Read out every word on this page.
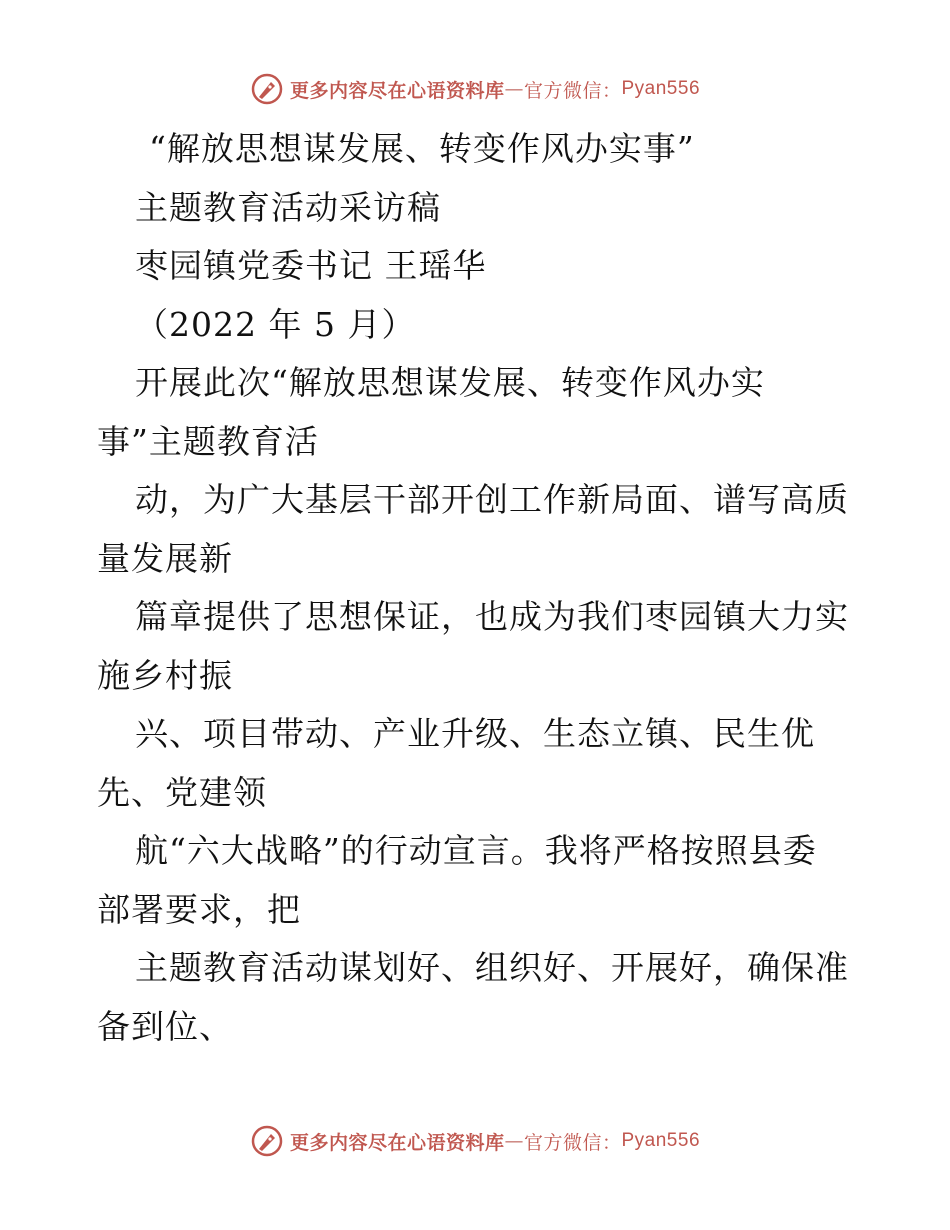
更多内容尽在心语资料库 — 官方微信： Pyan556
“解放思想谋发展、转变作风办实事”
主题教育活动采访稿
枣园镇党委书记 王瑶华
（2022 年 5 月）
开展此次“解放思想谋发展、转变作风办实
事”主题教育活
动，为广大基层干部开创工作新局面、谱写高质
量发展新
篇章提供了思想保证，也成为我们枣园镇大力实
施乡村振
兴、项目带动、产业升级、生态立镇、民生优
先、党建领
航“六大战略”的行动宣言。我将严格按照县委
部署要求，把
主题教育活动谋划好、组织好、开展好，确保准
备到位、
更多内容尽在心语资料库 — 官方微信： Pyan556
